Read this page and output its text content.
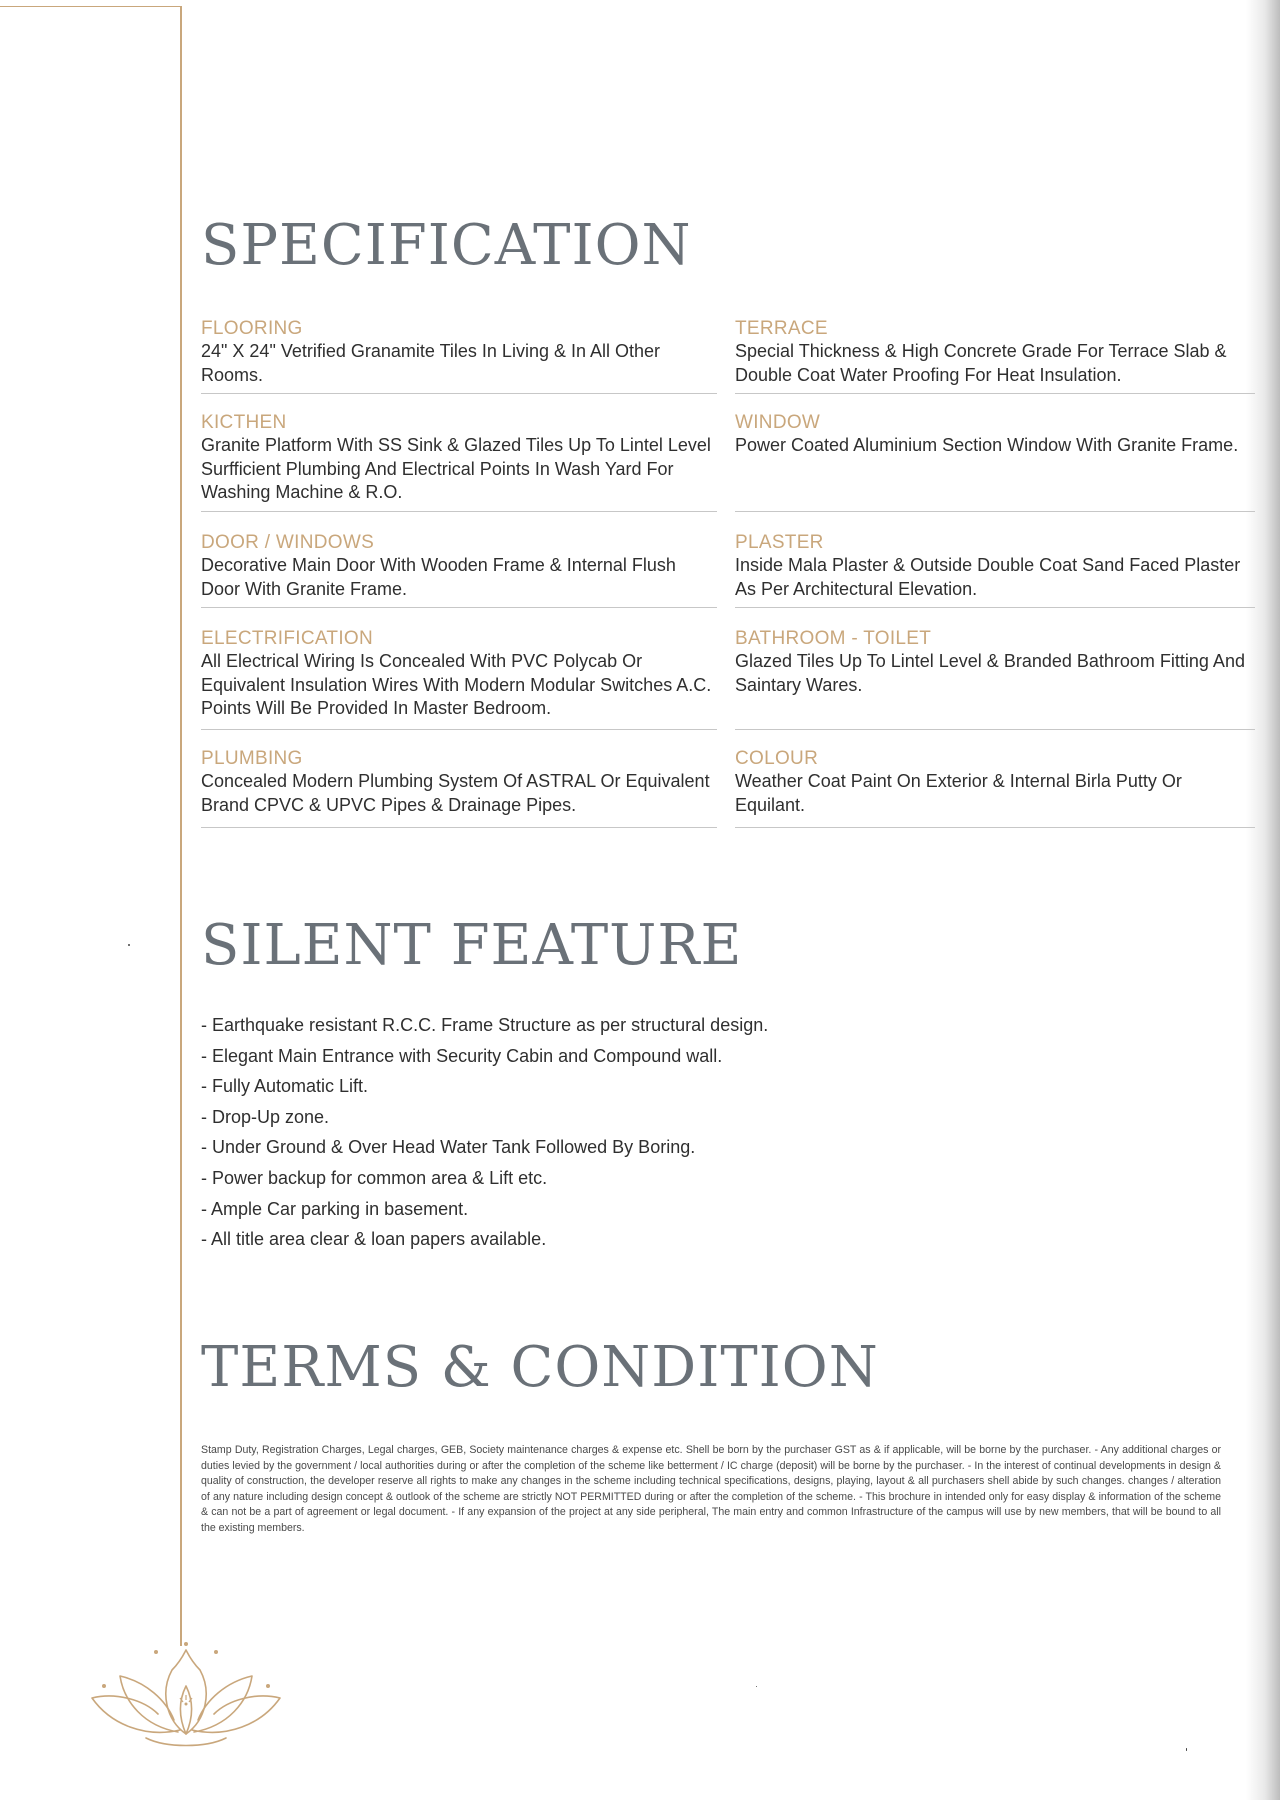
SPECIFICATION
FLOORING
24" X 24" Vetrified Granamite Tiles In Living & In All Other Rooms.
KICTHEN
Granite Platform With SS Sink & Glazed Tiles Up To Lintel Level Surfficient Plumbing And Electrical Points In Wash Yard For Washing Machine & R.O.
DOOR / WINDOWS
Decorative Main Door With Wooden Frame & Internal Flush Door With Granite Frame.
ELECTRIFICATION
All Electrical Wiring Is Concealed With PVC Polycab Or Equivalent Insulation Wires With Modern Modular Switches A.C. Points Will Be Provided In Master Bedroom.
PLUMBING
Concealed Modern Plumbing System Of ASTRAL Or Equivalent Brand CPVC & UPVC Pipes & Drainage Pipes.
TERRACE
Special Thickness & High Concrete Grade For Terrace Slab & Double Coat Water Proofing For Heat Insulation.
WINDOW
Power Coated Aluminium Section Window With Granite Frame.
PLASTER
Inside Mala Plaster & Outside Double Coat Sand Faced Plaster As Per Architectural Elevation.
BATHROOM - TOILET
Glazed Tiles Up To Lintel Level & Branded Bathroom Fitting And Saintary Wares.
COLOUR
Weather Coat Paint On Exterior & Internal Birla Putty Or Equilant.
SILENT FEATURE
- Earthquake resistant R.C.C. Frame Structure as per structural design.
- Elegant Main Entrance with Security Cabin and Compound wall.
- Fully Automatic Lift.
- Drop-Up zone.
- Under Ground & Over Head Water Tank Followed By Boring.
- Power backup for common area & Lift etc.
- Ample Car parking in basement.
- All title area clear & loan papers available.
TERMS & CONDITION

Stamp Duty, Registration Charges, Legal charges, GEB, Society maintenance charges & expense etc. Shell be born by the purchaser GST as & if applicable, will be borne by the purchaser. - Any additional charges or duties levied by the government / local authorities during or after the completion of the scheme like betterment / IC charge (deposit) will be borne by the purchaser. - In the interest of continual developments in design & quality of construction, the developer reserve all rights to make any changes in the scheme including technical specifications, designs, playing, layout & all purchasers shell abide by such changes. changes / alteration of any nature including design concept & outlook of the scheme are strictly NOT PERMITTED during or after the completion of the scheme. - This brochure in intended only for easy display & information of the scheme & can not be a part of agreement or legal document. - If any expansion of the project at any side peripheral, The main entry and common Infrastructure of the campus will use by new members, that will be bound to all the existing members.
